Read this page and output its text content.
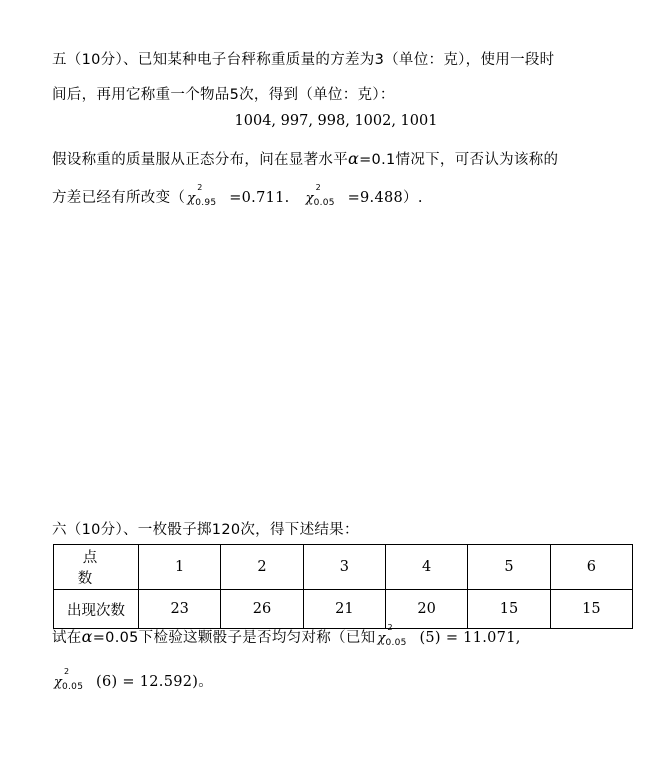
五（10分）、已知某种电子台秤称重质量的方差为3（单位：克），使用一段时
间后，再用它称重一个物品5次，得到（单位：克）：
1004, 997, 998, 1002, 1001
假设称重的质量服从正态分布，问在显著水平α=0.1情况下，可否认为该称的
方差已经有所改变（ χ
2
0.95 =0.711. χ
2
0.05 =9.488）.
六（10分）、一枚骰子掷120次，得下述结果：
点 数	1	2	3	4	5	6
出现次数	23	26	21	20	15	15
试在α=0.05下检验这颗骰子是否均匀对称（已知 χ
2
0.05 (5) = 11.071,
χ
2
0.05 (6) = 12.592)。
